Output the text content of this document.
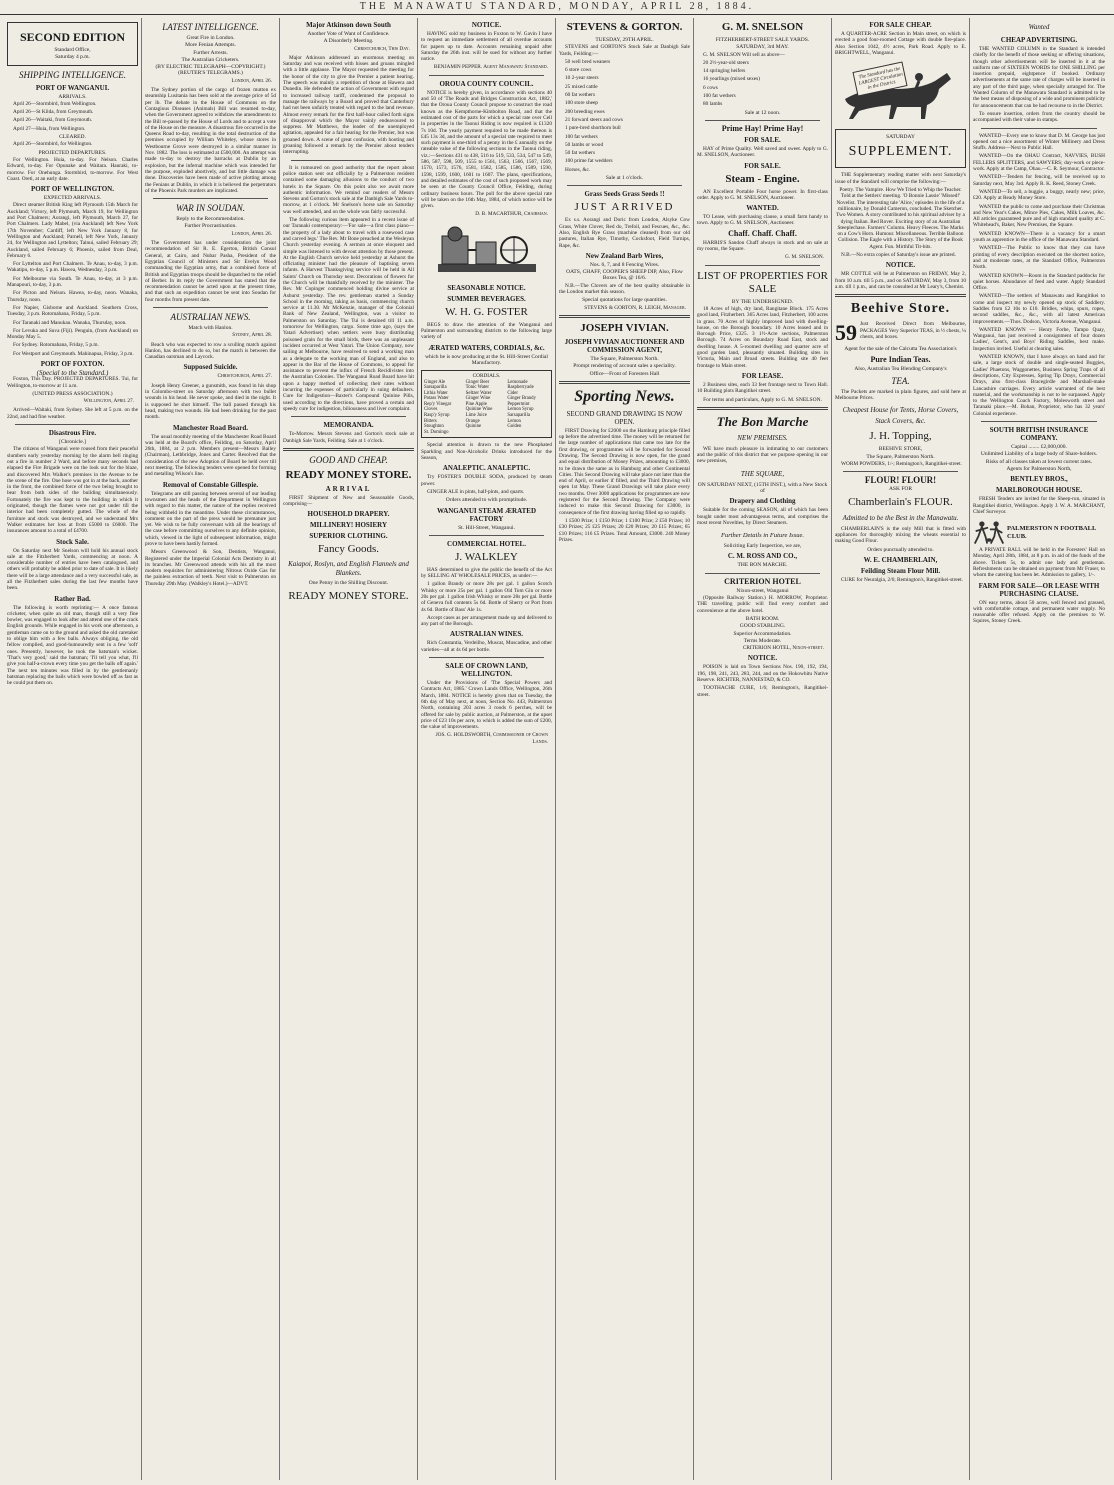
THE MANAWATU STANDARD, MONDAY, APRIL 28, 1884.
SECOND EDITION
Standard Office,
Saturday 4 p.m.
SHIPPING INTELLIGENCE.
PORT OF WANGANUI.
ARRIVALS.
April 26—Stormbird, from Wellington.
April 26—St Kilda, from Greymouth.
April 26—Waitaki, from Greymouth.
April 27—Huia, from Wellington.
CLEARED.
April 26—Stormbird, for Wellington.
PROJECTED DEPARTURES.

For Wellington. Huia, to-day. For Nelson. Charles Edward, to-day. For Opunake and Waitara. Hauraki, to-morrow. For Onehunga. Stormbird, to-morrow. For West Coast. Oreti, at an early date.

PORT OF WELLINGTON.
EXPECTED ARRIVALS.

Direct steamer British King left Plymouth 15th March for Auckland; Victory, left Plymouth, March 19, for Wellington and Port Chalmers; Aorangi, left Plymouth, March 27, for Port Chalmers. Lady Mabel, (via Auckland) left New York 17th November; Cardiff, left New York January 8, for Wellington and Auckland; Parnell, left New York, January 24, for Wellington and Lyttelton; Tainui, sailed February 29; Auckland, sailed February 6; Phoenix, sailed from Deal, February 6.

For Lyttelton and Port Chalmers. Te Anau, to-day, 3 p.m. Wakatipu, to-day, 5 p.m. Hawea, Wednesday, 3 p.m.

For Melbourne via South. Te Anau, to-day, at 3 p.m. Manapouri, to-day, 3 p.m.

For Picton and Nelson. Hawea, to-day, noon. Wanaka, Thursday, noon.

For Napier, Gisborne and Auckland. Southern Cross, Tuesday, 3 p.m. Rotomahana, Friday, 5 p.m.

For Taranaki and Manukau. Wanaka, Thursday, noon.

For Levuka and Suva (Fiji). Penguin, (from Auckland) on Monday May 5.

For Sydney. Rotomahana, Friday, 5 p.m.

For Westport and Greymouth. Mahinapua, Friday, 3 p.m.

PORT OF FOXTON.
(Special to the Standard.)

Foxton, This Day. PROJECTED DEPARTURES. Tui, for Wellington, to-morrow at 11 a.m.

(UNITED PRESS ASSOCIATION.)
Wellington, April 27.

Arrived—Waitaki, from Sydney. She left at 5 p.m. on the 22nd, and had fine weather.

Disastrous Fire.
[Chronicle.]

The citizens of Wanganui were roused from their peaceful slumbers early yesterday morning by the alarm bell ringing out a fire in number 2 Ward, and before many seconds had elapsed the Fire Brigade were on the look out for the blaze, and discovered Mrs Walker's premises in the Avenue to be the scene of the fire. One hose was got in at the back, another in the front, the combined force of the two being brought to bear from both sides of the building simultaneously. Fortunately the fire was kept to the building in which it originated, though the flames were not got under till the interior had been completely gutted. The whole of the furniture and stock was destroyed, and we understand Mrs Walker estimates her loss at from £5000 to £6000. The insurances amount to a total of £4700.

Stock Sale.

On Saturday next Mr Snelson will hold his annual stock sale at the Fitzherbert Yards, commencing at noon. A considerable number of entries have been catalogued, and others will probably be added prior to date of sale. It is likely there will be a large attendance and a very successful sale, as all the Fitzherbert sales during the last few months have been.

Rather Bad.

The following is worth reprinting:— A once famous cricketer, when quite an old man, though still a very fine bowler, was engaged to look after and attend one of the crack English grounds. While engaged in his work one afternoon, a gentleman came on to the ground and asked the old caretaker to oblige him with a few balls. Always obliging, the old fellow complied, and good-humouredly sent in a few 'soft' ones. Presently, however, he took the batsman's wicket. 'That's very good,' said the batsman; 'I'll tell you what, I'll give you half-a-crown every time you get the balls off again.' The next ten minutes was filled in by the gentlemanly batsman replacing the bails which were bowled off as fast as he could put them on.

LATEST INTELLIGENCE.
Great Fire in London.
More Fenian Attempts.
Further Arrests.
The Australian Cricketers.
(BY ELECTRIC TELEGRAPH—COPYRIGHT.) (REUTER'S TELEGRAMS.)
London, April 26.

The Sydney portion of the cargo of frozen mutton ex steamship Lusitania has been sold at the average price of 5d per lb. The debate in the House of Commons on the Contagious Diseases (Animals) Bill was resumed to-day, when the Government agreed to withdraw the amendments to the Bill re-passed by the House of Lords and to accept a vote of the House on the measure. A disastrous fire occurred in the Queens Road to-day, resulting in the total destruction of the premises occupied by William Whiteley, whose stores in Westbourne Grove were destroyed in a similar manner in Nov. 1882. The loss is estimated at £500,000. An attempt was made to-day to destroy the barracks at Dublin by an explosion, but the infernal machine which was intended for the purpose, exploded abortively, and but little damage was done. Discoveries have been made of active plotting among the Fenians at Dublin, in which it is believed the perpetrators of the Phoenix Park murders are implicated.

WAR IN SOUDAN.
Reply to the Recommendation.
Further Procrastination.
London, April 26.

The Government has under consideration the joint recommendation of Sir R. E. Egerton, British Consul General, at Cairo, and Nubar Pasha, President of the Egyptian Council of Ministers and Sir Evelyn Wood commanding the Egyptian army, that a combined force of British and Egyptian troops should be dispatched to the relief of Berber. In its reply the Government has stated that the recommendation cannot be acted upon at the present time, and that such an expedition cannot be sent into Soudan for four months from present date.

AUSTRALIAN NEWS.
Match with Hanlon.
Sydney, April 28.

Beach who was expected to row a sculling match against Hanlon, has declined to do so, but the match is between the Canadian oarsman and Laycock.

Supposed Suicide.
Christchurch, April 27.

Joseph Henry Greener, a gunsmith, was found in his shop in Colombo-street on Saturday afternoon with two bullet wounds in his head. He never spoke, and died in the night. It is supposed he shot himself. The ball passed through his head, making two wounds. He had been drinking for the past month.

Manchester Road Board.

The usual monthly meeting of the Manchester Road Board was held at the Board's office, Feilding, on Saturday, April 26th, 1884, at 2 p.m. Members present—Messrs Bailey (Chairman), Lethbridge, Jones and Carter. Resolved that the consideration of the new Adoption of Board be held over till next meeting. The following tenders were opened for forming and metalling Wilson's line.

Removal of Constable Gillespie.

Telegrams are still passing between several of our leading townsmen and the heads of the Department in Wellington with regard to this matter, the nature of the replies received being withheld in the meantime. Under these circumstances, comment on the part of the press would be premature just yet. We wish to be fully conversant with all the bearings of the case before committing ourselves to any definite opinion, which, viewed in the light of subsequent information, might prove to have been hastily formed.

Messrs Greenwood & Son, Dentists, Wanganui, Registered under the Imperial Colonial Acts Dentistry in all its branches. Mr Greenwood attends with his all the most modern requisites for administering Nitrous Oxide Gas for the painless extraction of teeth. Next visit to Palmerston on Thursday 29th May. (Walkley's Hotel.)—ADVT.

Major Atkinson down South
Another Vote of Want of Confidence.
A Disorderly Meeting.
Christchurch, This Day.

Major Atkinson addressed an enormous meeting on Saturday and was received with hisses and groans mingled with a little applause. The Mayor requested the meeting for the honor of the city to give the Premier a patient hearing. The speech was mainly a repetition of those at Hawera and Dunedin. He defended the action of Government with regard to increased railway tariff, condemned the proposal to manage the railways by a Board and proved that Canterbury had not been unfairly treated with regard to the land revenue. Almost every remark for the first half-hour called forth signs of disapproval which the Mayor vainly endeavoured to suppress. Mr Matthews, the leader of the unemployed agitation, appealed for a fair hearing for the Premier, but was groaned down. A scene of great confusion, with hooting and groaning followed a remark by the Premier about tenders interrupting.

It is rumoured on good authority that the report about police station sent out officially by a Palmerston resident contained some damaging allusions to the conduct of two hotels in the Square. On this point also we await more authentic information. We remind our readers of Messrs Stevens and Gorton's stock sale at the Danbigh Sale Yards to-morrow, at 1 o'clock. Mr Snelson's horse sale on Saturday was well attended, and on the whole was fairly successful.

The following curious item appeared in a recent issue of our Taranaki contemporary:—'For sale—a first class piano—the property of a lady about to travel with a rosewood case and carved legs.' The Rev. Mr Bone preached at the Wesleyan Church yesterday evening. A sermon at once eloquent and simple was listened to with devout attention by those present. At the English Church service held yesterday at Ashurst the officiating minister had the pleasure of baptising seven infants. A Harvest Thanksgiving service will be held in All Saints' Church on Thursday next. Decorations of flowers for the Church will be thankfully received by the minister. The Rev. Mr Copinger commenced holding divine service at Ashurst yesterday. The rev. gentleman started a Sunday School in the morning, taking as basis, commencing church service at 11.30. Mr McKenzie, manager of the Colonial Bank of New Zealand, Wellington, was a visitor to Palmerston on Saturday. The Tui is detained till 11 a.m. tomorrow for Wellington, cargo. Some time ago, (says the Yatari Advertiser) when settlers were busy distributing poisoned grain for the small birds, there was an unpleasant incident occurred at West Yatari. The Union Company, now sailing at Melbourne, have resolved to send a working man as a delegate to the working man of England, and also to appear in the Bar of the House of Commons, to appeal for assistance to prevent the influx of French Recidivistes into the Australian Colonies. The Wanganui Road Board have hit upon a happy method of collecting their rates without incurring the expenses of particularly in suing defaulters. Cure for Indigestion—Baxter's Compound Quinine Pills, used according to the directions, have proved a certain and speedy cure for indigestion, biliousness and liver complaint.

MEMORANDA.

To-Morrow. Messrs Stevens and Gorton's stock sale at Danbigh Sale Yards, Feilding. Sale at 1 o'clock.

GOOD AND CHEAP.
READY MONEY STORE.
ARRIVAL

FIRST Shipment of New and Seasonable Goods, comprising—

HOUSEHOLD DRAPERY.
MILLINERY! HOSIERY
SUPERIOR CLOTHING.
Fancy Goods.
Kaiapoi, Roslyn, and English Flannels and Blankets.
One Penny in the Shilling Discount.
READY MONEY STORE.
NOTICE.

HAVING sold my business in Foxton to W. Gavin I have to request an immediate settlement of all overdue accounts for papers up to date. Accounts remaining unpaid after Saturday the 26th inst. will be sued for without any further notice.

BENJAMIN PEPPER. Agent Manawatu Standard.
OROUA COUNTY COUNCIL.

NOTICE is hereby given, in accordance with sections 40 and 50 of 'The Roads and Bridges Construction Act, 1882,' that the Oroua County Council propose to construct the road known as the Kempthorne-Kimbolton Road, and that the estimated cost of the parts for which a special rate over Cell in properties in the Taonui Riding is now required is £1320 7s 10d. The yearly payment required to be made thereon is £45 13s 3d, and the amount of a special rate required to meet such payment is one-third of a penny in the £ annually on the rateable value of the following sections in the Taonui riding, viz.:—Sections 431 to 438, 516 to 519, 533, 534, 547 to 549, 586, 587, 598, 509, 1555 to 1561, 1563, 1566, 1567, 1569, 1570, 1573, 1576, 1581, 1582, 1585, 1586, 1589, 1590, 1598, 1599, 1600, 1601 to 1607. The plans, specifications, and detailed estimates of the cost of such proposed work may be seen at the County Council Office, Feilding, during ordinary business hours. The poll for the above special rate will be taken on the 16th May, 1884, of which notice will be given.

D. B. MACARTHUR, Chairman.
SEASONABLE NOTICE.
SUMMER BEVERAGES.
W. H. G. FOSTER

BEGS to draw the attention of the Wanganui and Palmerston and surrounding districts to the following large variety of

ÆRATED WATERS, CORDIALS, &c.
which he is now producing at the St. Hill-Street Cordial Manufactory.
CORDIALS.
Ginger Ale	Ginger Beer	Lemonade
Sarsaparilla	Tonic Water	Raspberryade
Lithia Water	Seltzer Water	Cider
Potass Water	Ginger Wine	Ginger Brandy
Rep'y Vinegar	Pine Apple	Peppermint
Cloves	Quinine Wine	Lemon Syrup
Rasp'y Syrup	Lime Juice	Sarsaparilla
Bitters	Orange	Lemon
Stoughton	Quinine	Golden
St. Domingo

Special attention is drawn to the new Phosphated Sparkling and Non-Alcoholic Drinks introduced for the Season,

ANALEPTIC. ANALEPTIC.

Try FOSTER'S DOUBLE SODA, produced by steam power.

GINGER ALE in pints, half-pints, and quarts.

Orders attended to with promptitude.
WANGANUI STEAM ÆRATED FACTORY
St. Hill-Street, Wanganui.
COMMERCIAL HOTEL.
J. WALKLEY

HAS determined to give the public the benefit of the Act by SELLING AT WHOLESALE PRICES, as under:—

1 gallon Brandy or more 28s per gal. 1 gallon Scotch Whisky or more 25s per gal. 1 gallon Old Tom Gin or more 20s per gal. 1 gallon Irish Whisky or more 28s per gal. Bottle of Geneva full contents 5s 6d. Bottle of Sherry or Port from 4s 6d. Bottle of Bass' Ale 1s.

Accept cases as per arrangement made up and delivered to any part of the Borough.

AUSTRALIAN WINES.

Rich Constantia, Verdeilho, Muscat, Muscadine, and other varieties—all at 4s 6d per bottle.

SALE OF CROWN LAND, WELLINGTON.

Under the Provisions of 'The Special Powers and Contracts Act, 1885.' Crown Lands Office, Wellington, 26th March, 1884. NOTICE is hereby given that on Tuesday, the 6th day of May next, at noon, Section No. 443, Palmerston North, containing 203 acres 3 roods 6 perches, will be offered for sale by public auction, at Palmerston, at the upset price of £23 10s per acre, to which is added the sum of £200, the value of improvements.

JOS. G. HOLDSWORTH, Commissioner of Crown Lands.
STEVENS & GORTON.
TUESDAY, 29TH APRIL.

STEVENS and GORTON'S Stock Sale at Danbigh Sale Yards, Feilding:—

50 well bred weaners
6 store cows
10 2-year steers
25 mixed cattle
60 fat wethers
100 store sheep
200 breeding ewes
21 forward steers and cows
1 pure-bred shorthorn bull
100 fat wethers
50 lambs or wood
50 fat wethers
100 prime fat wedders
Horses, &c.
Sale at 1 o'clock.
Grass Seeds Grass Seeds !!
JUST ARRIVED

Ex s.s. Aorangi and Doric from London, Alsyke Cow Grass, White Clover, Red do, Trefoil, and Fescues, &c., &c. Also, English Rye Grass (machine cleaned) from our old pastures, Italian Rye, Timothy, Cocksfoot, Field Turnips, Rape, &c.

New Zealand Barb Wires,
Nos. 6, 7, and 8 Fencing Wires.
OATS, CHAFF, COOPER'S SHEEP DIP, Also, Flow Boxes Tea, @ 16/6.

N.B.—The Clovers are of the best quality obtainable in the London market this season.

Special quotations for large quantities.
STEVENS & GORTON, R. LEIGH, Manager.
JOSEPH VIVIAN.
JOSEPH VIVIAN AUCTIONEER AND COMMISSION AGENT,
The Square, Palmerston North.
Prompt rendering of account sales a speciality.
Office—Front of Foresters Hall
Sporting News.
SECOND GRAND DRAWING IS NOW OPEN.

FIRST Drawing for £2000 on the Hamburg principle filled up before the advertised time. The money will be returned for the large number of applications that came too late for the first drawing, or programmes will be forwarded for Second Drawing. The Second Drawing is now open, for the grand and equal distribution of Money Prizes, amounting to £3000, to be drawn the same as in Hamburg and other Continental Cities. This Second Drawing will take place not later than the end of April, or earlier if filled, and the Third Drawing will open 1st May. These Grand Drawings will take place every two months. Over 3000 applications for programmes are now registered for the Second Drawing. The Company were induced to make this Second Drawing for £3000, in consequence of the first drawing having filled up so rapidly.

1 £500 Prize; 1 £150 Prize; 1 £100 Prize; 2 £50 Prizes; 10 £30 Prizes; 25 £25 Prizes; 20 £20 Prizes; 20 £15 Prizes; 65 £10 Prizes; 116 £5 Prizes. Total Amount, £3000. 240 Money Prizes.

G. M. SNELSON
FITZHERBERT-STREET SALE YARDS.
SATURDAY, 3rd MAY.

G. M. SNELSON Will sell as above—

20 2½-year-old steers
14 springing heifers
16 yearlings (mixed sexes)
6 cows
100 fat wethers
80 lambs
Sale at 12 noon.
Prime Hay! Prime Hay!
FOR SALE.

HAY of Prime Quality. Well saved and sweet. Apply to G. M. SNELSON, Auctioneer.

FOR SALE.
Steam - Engine.

AN Excellent Portable Four horse power. In first-class order. Apply to G. M. SNELSON, Auctioneer.

WANTED.

TO Lease, with purchasing clause, a small farm handy to town. Apply to G. M. SNELSON, Auctioneer.

Chaff. Chaff. Chaff.

HARRIS'S Sandon Chaff always in stock and on sale at my rooms, the Square.

G. M. SNELSON.
LIST OF PROPERTIES FOR SALE
BY THE UNDERSIGNED.

18 Acres of high, dry land, Rangitane Block. 175 Acres good land, Fitzherbert. 365 Acres land, Fitzherbert, 100 acres in grass. 70 Acres of highly improved land with dwelling-house, on the Borough boundary. 10 Acres leased and in Borough Price, £325. 3 1½-Acre sections, Palmerston Borough. 74 Acres on Boundary Road East, stock and dwelling house. A 5-roomed dwelling and quarter acre of good garden land, pleasantly situated. Building sites in Victoria, Main and Broad streets. Building site 40 feet frontage to Main street.

FOR LEASE.

2 Business sites, each 33 feet frontage next to Town Hall. 10 Building plots Rangitikei street.

For terms and particulars, Apply to G. M. SNELSON.
The Bon Marche
NEW PREMISES.

WE have much pleasure in intimating to our customers and the public of this district that we purpose opening in our new premises,

THE SQUARE,
ON SATURDAY NEXT, (15TH INST.), with a New Stock of
Drapery and Clothing

Suitable for the coming SEASON, all of which has been bought under most advantageous terms, and comprises the most recent Novelties, by Direct Steamers.

Further Details in Future Issue.
Soliciting Early Inspection, we are,
C. M. ROSS AND CO.,
THE BON MARCHE.
CRITERION HOTEL
Nixon-street, Wanganui

(Opposite Railway Station.) H. MORROW, Proprietor. THE travelling public will find every comfort and convenience at the above hotel.

BATH ROOM.
GOOD STABLING.
Superior Accommodation.
Terms Moderate.
CRITERION HOTEL, Nixon-street.
NOTICE.

POISON is laid on Town Sections Nos. 190, 192, 194, 196, 198, 241, 243, 283, 244, and on the Hokowhitu Native Reserve. RICHTER, NANNESTAD, & CO.

TOOTHACHE CURE, 1/6; Remington's, Rangitikei-street.

FOR SALE CHEAP.

A QUARTER-ACRE Section in Main street, on which is erected a good four-roomed Cottage with double fire-place. Also Section 1042, 4½ acres, Park Road. Apply to E. BRIGHTWELL, Wanganui.

The Standard has the LARGEST Circulation in the District.
SATURDAY
SUPPLEMENT.

THE Supplementary reading matter with next Saturday's issue of the Standard will comprise the following:—

Poetry. The Vampire. How We Tried to Whip the Teacher. Told at the Settlers' meeting. 'O Bonnie Lassie' 'Missed!' Novelist. The interesting tale 'Alice,' episodes in the life of a millionaire, by Donald Cameron, concluded. The Sketcher. Two Women. A story contributed to his spiritual adviser by a dying Italian. Red Rover. Exciting story of an Australian Steeplechase. Farmers' Column. Heavy Fleeces. The Marks on a Cow's Horn. Humour. Miscellaneous. Terrible Balloon Collision. The Eagle with a History. The Story of the Book Agent. Fun. Mirthful Tit-bits.

N.B.—No extra copies of Saturday's issue are printed.

NOTICE.

MR COTTLE will be at Palmerston on FRIDAY, May 2, from 10 a.m. till 5 p.m., and on SATURDAY, May 3, from 10 a.m. till 1 p.m., and can be consulted at Mr Leary's, Chemist.

Beehive Store.
59 Just Received Direct from Melbourne, PACKAGES Very Superior TEAS, in ½ chests, ¼ chests, and boxes.

Agent for the sale of the Calcutta Tea Association's
Pure Indian Teas.
Also, Australian Tea Blending Company's
TEA.

The Packets are marked in plain figures, and sold here at Melbourne Prices.

Cheapest House for Tents, Horse Covers, Stack Covers, &c.
J. H. Topping,
BEEHIVE STORE,
The Square, Palmerston North.

WORM POWDERS, 1/-; Remington's, Rangitikei-street.

FLOUR! FLOUR!
ASK FOR
Chamberlain's FLOUR.
Admitted to be the Best in the Manawatu.

CHAMBERLAIN'S is the only Mill that is fitted with appliances for thoroughly mixing the wheats essential to making Good Flour.

Orders punctually attended to.
W. E. CHAMBERLAIN,
Feilding Steam Flour Mill.

CURE for Neuralgia, 2/6; Remington's, Rangitikei-street.

Wanted
CHEAP ADVERTISING.

THE WANTED COLUMN in the Standard is intended chiefly for the benefit of those seeking or offering situations, though other advertisements will be inserted in it at the uniform rate of SIXTEEN WORDS for ONE SHILLING per insertion prepaid, eightpence if booked. Ordinary advertisements at the same rate of charges will be inserted in any part of the third page, when specially arranged for. The Wanted Column of the Manawatu Standard is admitted to be the best means of disposing of a wide and prominent publicity for announcements that can be had recourse to in the District.

To ensure insertion, orders from the country should be accompanied with their value in stamps.

WANTED—Every one to know that D. M. George has just opened out a nice assortment of Winter Millinery and Dress Stuffs. Address—Next to Public Hall.

WANTED—On the OHAU Contract, NAVVIES, BUSH FELLERS SPLITTERS, and SAWYERS; day-work or piece-work. Apply at the Camp, Ohau.—C. R. Seymour, Contractor.

WANTED—Tenders for fencing, will be received up to Saturday next, May 3rd. Apply R. K. Reed, Stoney Creek.

WANTED—To sell, a buggie, a buggy, nearly new; price, £20. Apply at Ready Money Store.

WANTED the public to come and purchase their Christmas and New Year's Cakes, Mince Pies, Cakes, Milk Loaves, &c. All articles guaranteed pure and of high standard quality at C. Whitehead's, Baker, New Premises, the Square.

WANTED KNOWN—There is a vacancy for a smart youth as apprentice in the office of the Manawatu Standard.

WANTED—The Public to know that they can have printing of every description executed on the shortest notice, and at moderate rates, at the Standard Office, Palmerston North.

WANTED KNOWN—Room in the Standard paddocks for quiet horses. Abundance of feed and water. Apply Standard Office.

WANTED—The settlers of Manawatu and Rangitikei to come and inspect my newly opened up stock of Saddlery. Saddles from £2 10s to £10. Bridles, whips, spurs, ropes, second saddles, &c., &c., with all latest American improvements.—Thos. Dodson, Victoria Avenue, Wanganui.

WANTED KNOWN — Henry Forbe, Tampo Quay, Wanganui, has just received a consignment of four dozen Ladies', Gent's, and Boys' Riding Saddles, best make. Inspection invited. Useful at clearing sales.

WANTED KNOWN, that I have always on hand and for sale, a large stock of double and single-seated Buggies, Ladies' Phaetons, Waggonettes, Business Spring Traps of all descriptions, City Expresses, Spring Tip Drays, Commercial Drays, also first-class Bracegirdle and Marshall-make Lancashire carriages. Every article warranted of the best material, and the workmanship is not to be surpassed. Apply to the Wellington Coach Factory, Molesworth street and Taranaki place.—M. Bohan, Proprietor, who has 32 years' Colonial experience.

SOUTH BRITISH INSURANCE COMPANY.
Capital ........ £2,000,000.
Unlimited Liability of a large body of Share-holders.
Risks of all classes taken at lowest current rates.
Agents for Palmerston North,
BENTLEY BROS.,
MARLBOROUGH HOUSE.

FRESH Tenders are invited for the Sheep-run, situated in Rangitikei district, Wellington. Apply J. W. A. MARCHANT, Chief Surveyor.

PALMERSTON N FOOTBALL CLUB.

A PRIVATE BALL will be held in the Foresters' Hall on Monday, April 28th, 1884, at 8 p.m. in aid of the funds of the above. Tickets 5s, to admit one lady and gentleman. Refreshments can be obtained on payment from Mr Fraser, to whom the catering has been let. Admission to gallery, 1/-.

FARM FOR SALE—OR LEASE WITH PURCHASING CLAUSE.

ON easy terms, about 50 acres, well fenced and grassed, with comfortable cottage, and permanent water supply. No reasonable offer refused. Apply on the premises to W. Squires, Stoney Creek.
